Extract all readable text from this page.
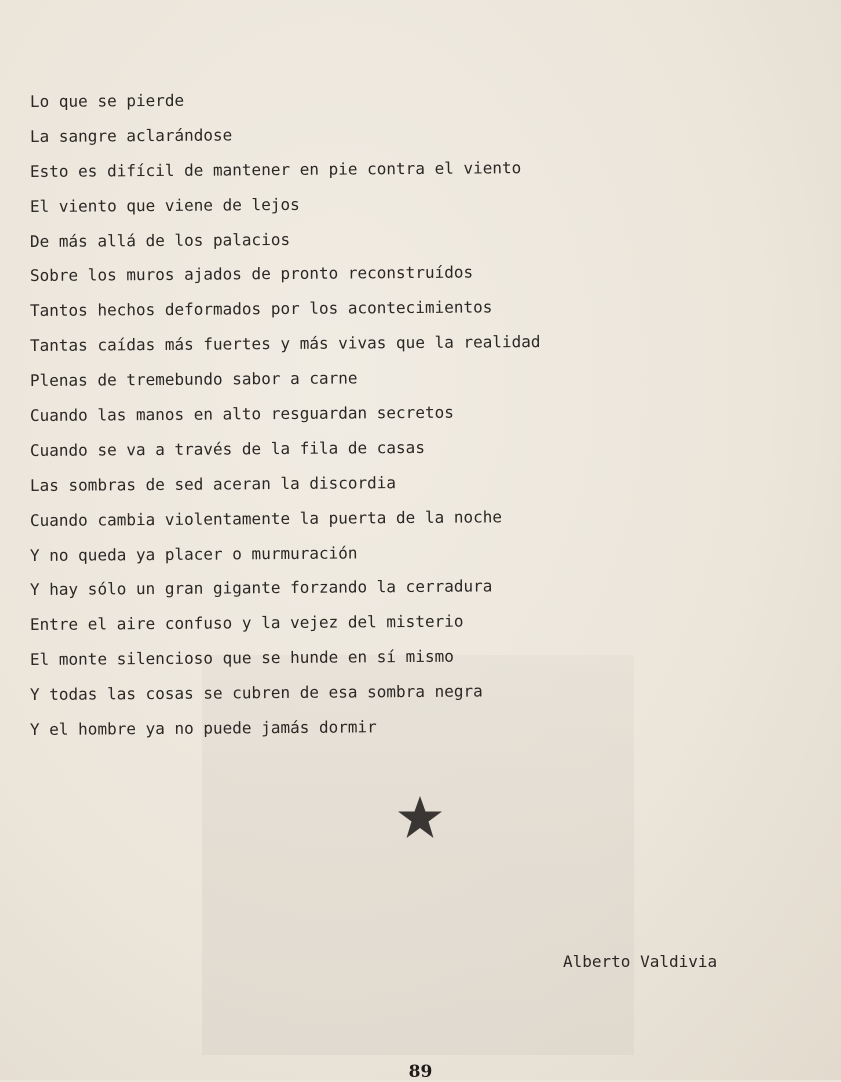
Lo que se pierde
La sangre aclarándose
Esto es difícil de mantener en pie contra el viento
El viento que viene de lejos
De más allá de los palacios
Sobre los muros ajados de pronto reconstruídos
Tantos hechos deformados por los acontecimientos
Tantas caídas más fuertes y más vivas que la realidad
Plenas de tremebundo sabor a carne
Cuando las manos en alto resguardan secretos
Cuando se va a través de la fila de casas
Las sombras de sed aceran la discordia
Cuando cambia violentamente la puerta de la noche
Y no queda ya placer o murmuración
Y hay sólo un gran gigante forzando la cerradura
Entre el aire confuso y la vejez del misterio
El monte silencioso que se hunde en sí mismo
Y todas las cosas se cubren de esa sombra negra
Y el hombre ya no puede jamás dormir
Alberto Valdivia
89
